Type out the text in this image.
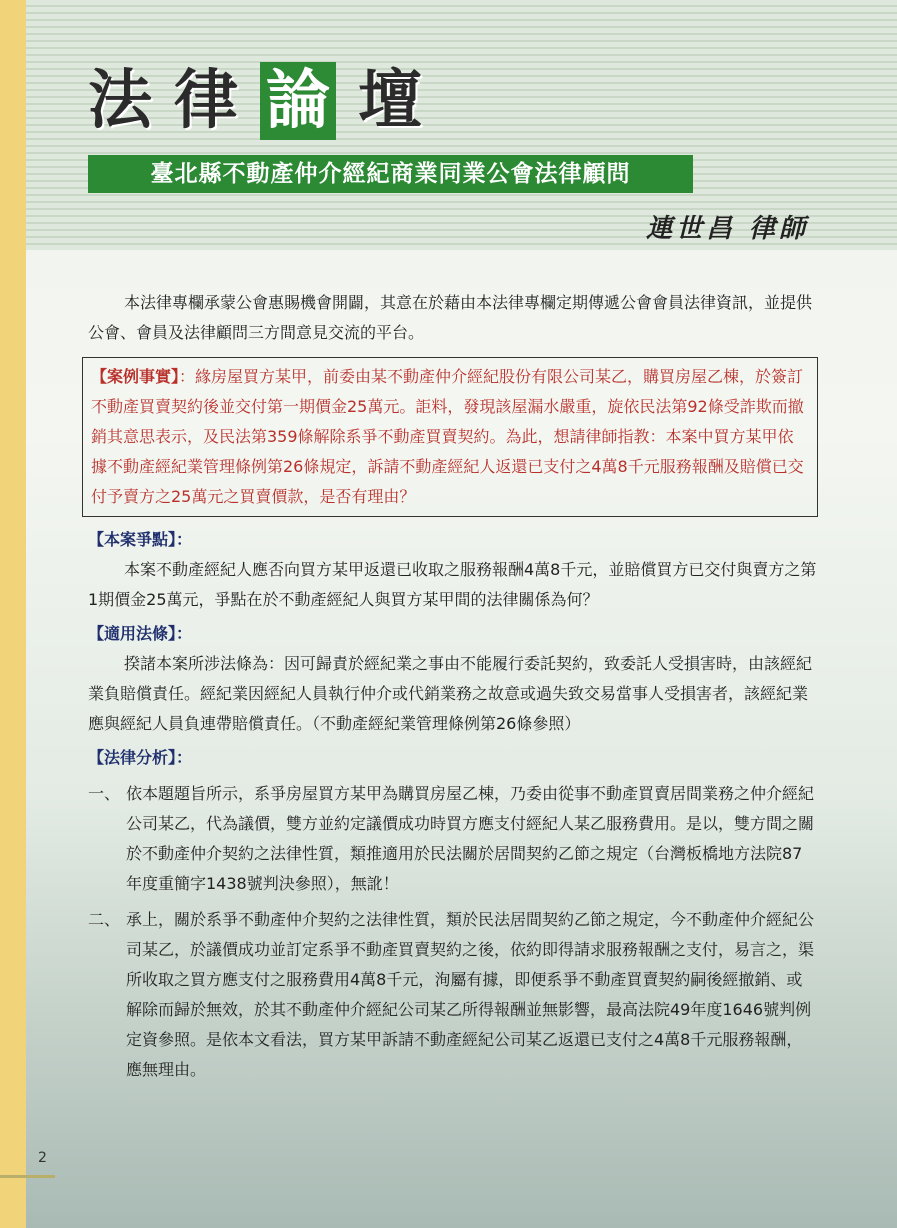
法 律 論 壇
臺北縣不動產仲介經紀商業同業公會法律顧問
連世昌 律師

本法律專欄承蒙公會惠賜機會開闢，其意在於藉由本法律專欄定期傳遞公會會員法律資訊，並提供公會、會員及法律顧問三方間意見交流的平台。

【案例事實】：緣房屋買方某甲，前委由某不動產仲介經紀股份有限公司某乙，購買房屋乙棟，於簽訂不動產買賣契約後並交付第一期價金25萬元。詎料，發現該屋漏水嚴重，旋依民法第92條受詐欺而撤銷其意思表示，及民法第359條解除系爭不動產買賣契約。為此，想請律師指教：本案中買方某甲依據不動產經紀業管理條例第26條規定，訴請不動產經紀人返還已支付之4萬8千元服務報酬及賠償已交付予賣方之25萬元之買賣價款，是否有理由？

【本案爭點】：

本案不動產經紀人應否向買方某甲返還已收取之服務報酬4萬8千元，並賠償買方已交付與賣方之第1期價金25萬元，爭點在於不動產經紀人與買方某甲間的法律關係為何？

【適用法條】：

揆諸本案所涉法條為：因可歸責於經紀業之事由不能履行委託契約，致委託人受損害時，由該經紀業負賠償責任。經紀業因經紀人員執行仲介或代銷業務之故意或過失致交易當事人受損害者，該經紀業應與經紀人員負連帶賠償責任。（不動產經紀業管理條例第26條參照）

【法律分析】：

一、 依本題題旨所示，系爭房屋買方某甲為購買房屋乙棟，乃委由從事不動產買賣居間業務之仲介經紀公司某乙，代為議價，雙方並約定議價成功時買方應支付經紀人某乙服務費用。是以，雙方間之關於不動產仲介契約之法律性質，類推適用於民法關於居間契約乙節之規定（台灣板橋地方法院87年度重簡字1438號判決參照），無訛！
二、 承上，關於系爭不動產仲介契約之法律性質，類於民法居間契約乙節之規定，今不動產仲介經紀公司某乙，於議價成功並訂定系爭不動產買賣契約之後，依約即得請求服務報酬之支付，易言之，渠所收取之買方應支付之服務費用4萬8千元，洵屬有據，即便系爭不動產買賣契約嗣後經撤銷、或解除而歸於無效，於其不動產仲介經紀公司某乙所得報酬並無影響，最高法院49年度1646號判例定資參照。是依本文看法，買方某甲訴請不動產經紀公司某乙返還已支付之4萬8千元服務報酬，應無理由。
2
